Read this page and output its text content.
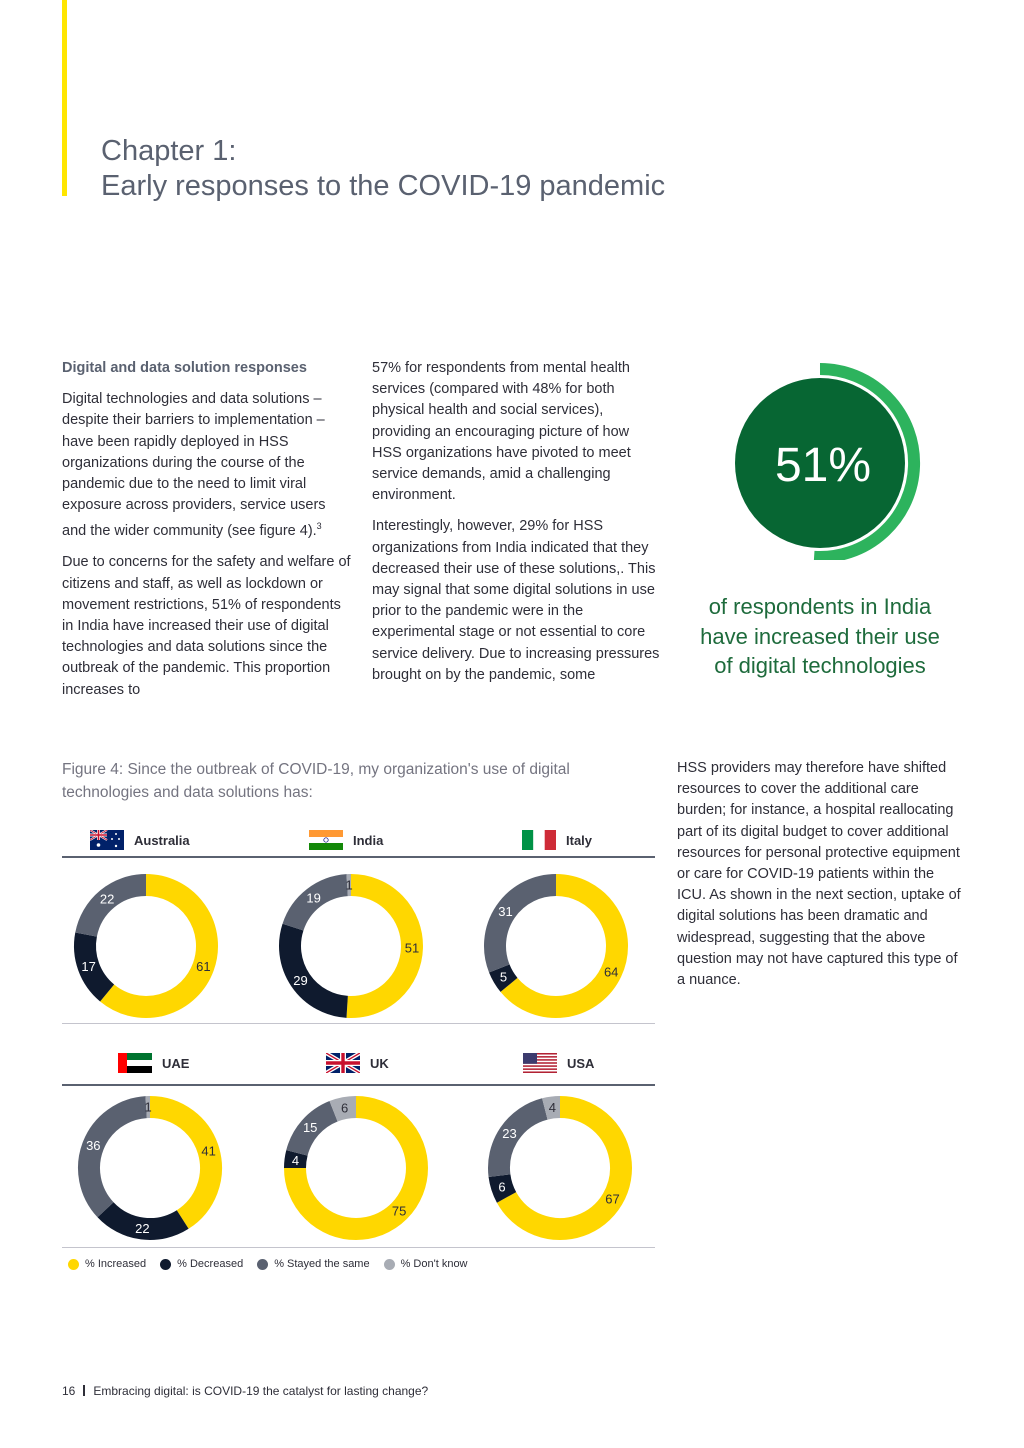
Chapter 1:
Early responses to the COVID-19 pandemic

Digital and data solution responses

Digital technologies and data solutions – despite their barriers to implementation – have been rapidly deployed in HSS organizations during the course of the pandemic due to the need to limit viral exposure across providers, service users and the wider community (see figure 4).$^3$

Due to concerns for the safety and welfare of citizens and staff, as well as lockdown or movement restrictions, 51% of respondents in India have increased their use of digital technologies and data solutions since the outbreak of the pandemic. This proportion increases to

57% for respondents from mental health services (compared with 48% for both physical health and social services), providing an encouraging picture of how HSS organizations have pivoted to meet service demands, amid a challenging environment.

Interestingly, however, 29% for HSS organizations from India indicated that they decreased their use of these solutions,. This may signal that some digital solutions in use prior to the pandemic were in the experimental stage or not essential to core service delivery. Due to increasing pressures brought on by the pandemic, some

HSS providers may therefore have shifted resources to cover the additional care burden; for instance, a hospital reallocating part of its digital budget to cover additional resources for personal protective equipment or care for COVID-19 patients within the ICU. As shown in the next section, uptake of digital solutions has been dramatic and widespread, suggesting that the above question may not have captured this type of a nuance.

51%
of respondents in India have increased their use of digital technologies
Figure 4: Since the outbreak of COVID-19, my organization's use of digital technologies and data solutions has:
Australia	India	Italy
61
17
22
51
29
19
1
64
5
31
UAE	UK	USA
41
22
36
1
75
4
15
6
67
6
23
4
% Increased	% Decreased	% Stayed the same	% Don't know
16 Embracing digital: is COVID-19 the catalyst for lasting change?
